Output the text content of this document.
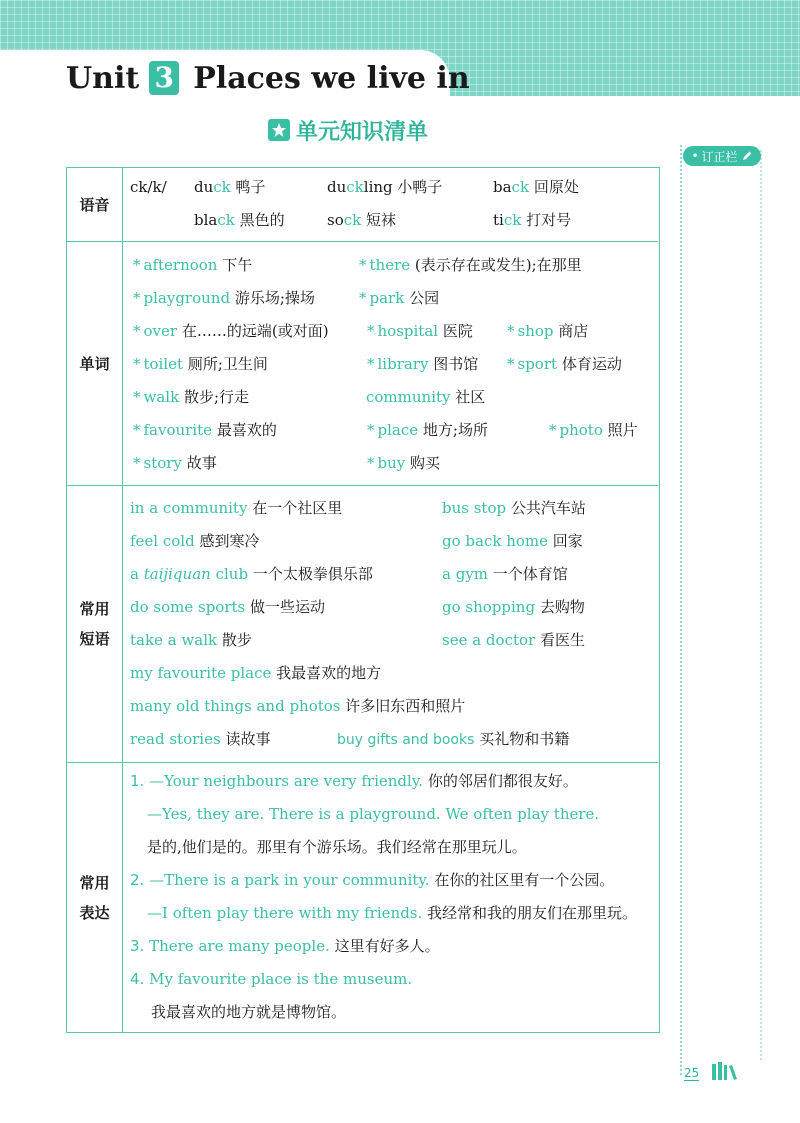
Unit 3 Places we live in
单元知识清单
• 订正栏
语音
ck/k/ duck 鸭子	duckling 小鸭子	back 回原处
black 黑色的	sock 短袜	tick 打对号
单词
* afternoon 下午	* there (表示存在或发生);在那里
* playground 游乐场;操场	* park 公园
* over 在……的远端(或对面)	* hospital 医院 * shop 商店
* toilet 厕所;卫生间	* library 图书馆 * sport 体育运动
* walk 散步;行走	community 社区
* favourite 最喜欢的	* place 地方;场所	* photo 照片
* story 故事	* buy 购买
常用
短语
in a community 在一个社区里	bus stop 公共汽车站
feel cold 感到寒冷	go back home 回家
a taijiquan club 一个太极拳俱乐部	a gym 一个体育馆
do some sports 做一些运动	go shopping 去购物
take a walk 散步	see a doctor 看医生
my favourite place 我最喜欢的地方
many old things and photos 许多旧东西和照片
read stories 读故事	buy gifts and books 买礼物和书籍
常用
表达
1. —Your neighbours are very friendly. 你的邻居们都很友好。
—Yes, they are. There is a playground. We often play there.
是的,他们是的。那里有个游乐场。我们经常在那里玩儿。
2. —There is a park in your community. 在你的社区里有一个公园。
—I often play there with my friends. 我经常和我的朋友们在那里玩。
3. There are many people. 这里有好多人。
4. My favourite place is the museum.
我最喜欢的地方就是博物馆。
25
